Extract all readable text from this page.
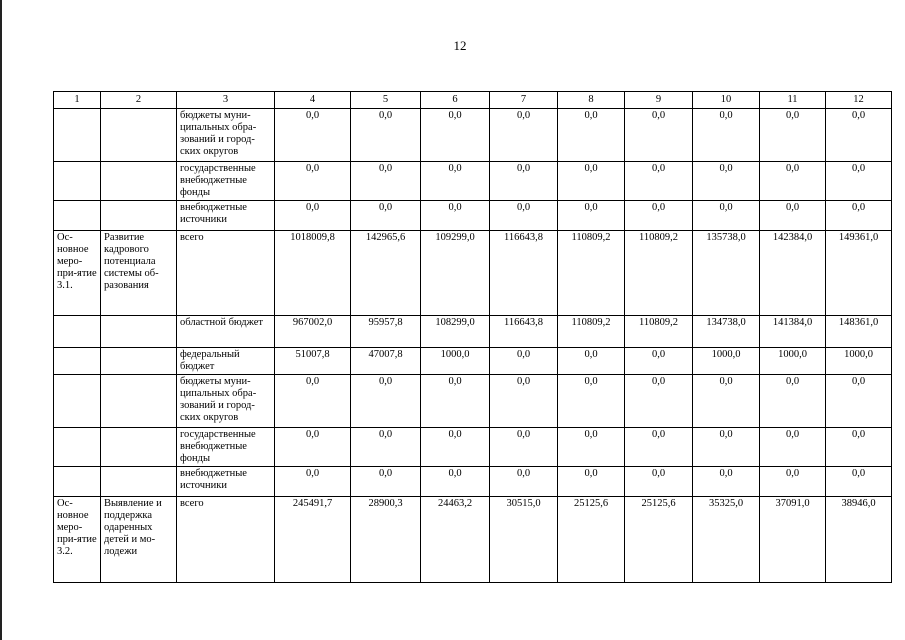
12
1	2	3	4	5	6	7	8	9	10	11	12
		бюджеты муни-ципальных обра-зований и город-ских округов	0,0	0,0	0,0	0,0	0,0	0,0	0,0	0,0	0,0
		государственные внебюджетные фонды	0,0	0,0	0,0	0,0	0,0	0,0	0,0	0,0	0,0
		внебюджетные источники	0,0	0,0	0,0	0,0	0,0	0,0	0,0	0,0	0,0
Ос-новное меро-при-ятие 3.1.	Развитие кадрового потенциала системы об-разования	всего	1018009,8	142965,6	109299,0	116643,8	110809,2	110809,2	135738,0	142384,0	149361,0
		областной бюджет	967002,0	95957,8	108299,0	116643,8	110809,2	110809,2	134738,0	141384,0	148361,0
		федеральный бюджет	51007,8	47007,8	1000,0	0,0	0,0	0,0	1000,0	1000,0	1000,0
		бюджеты муни-ципальных обра-зований и город-ских округов	0,0	0,0	0,0	0,0	0,0	0,0	0,0	0,0	0,0
		государственные внебюджетные фонды	0,0	0,0	0,0	0,0	0,0	0,0	0,0	0,0	0,0
		внебюджетные источники	0,0	0,0	0,0	0,0	0,0	0,0	0,0	0,0	0,0
Ос-новное меро-при-ятие 3.2.	Выявление и поддержка одаренных детей и мо-лодежи	всего	245491,7	28900,3	24463,2	30515,0	25125,6	25125,6	35325,0	37091,0	38946,0
